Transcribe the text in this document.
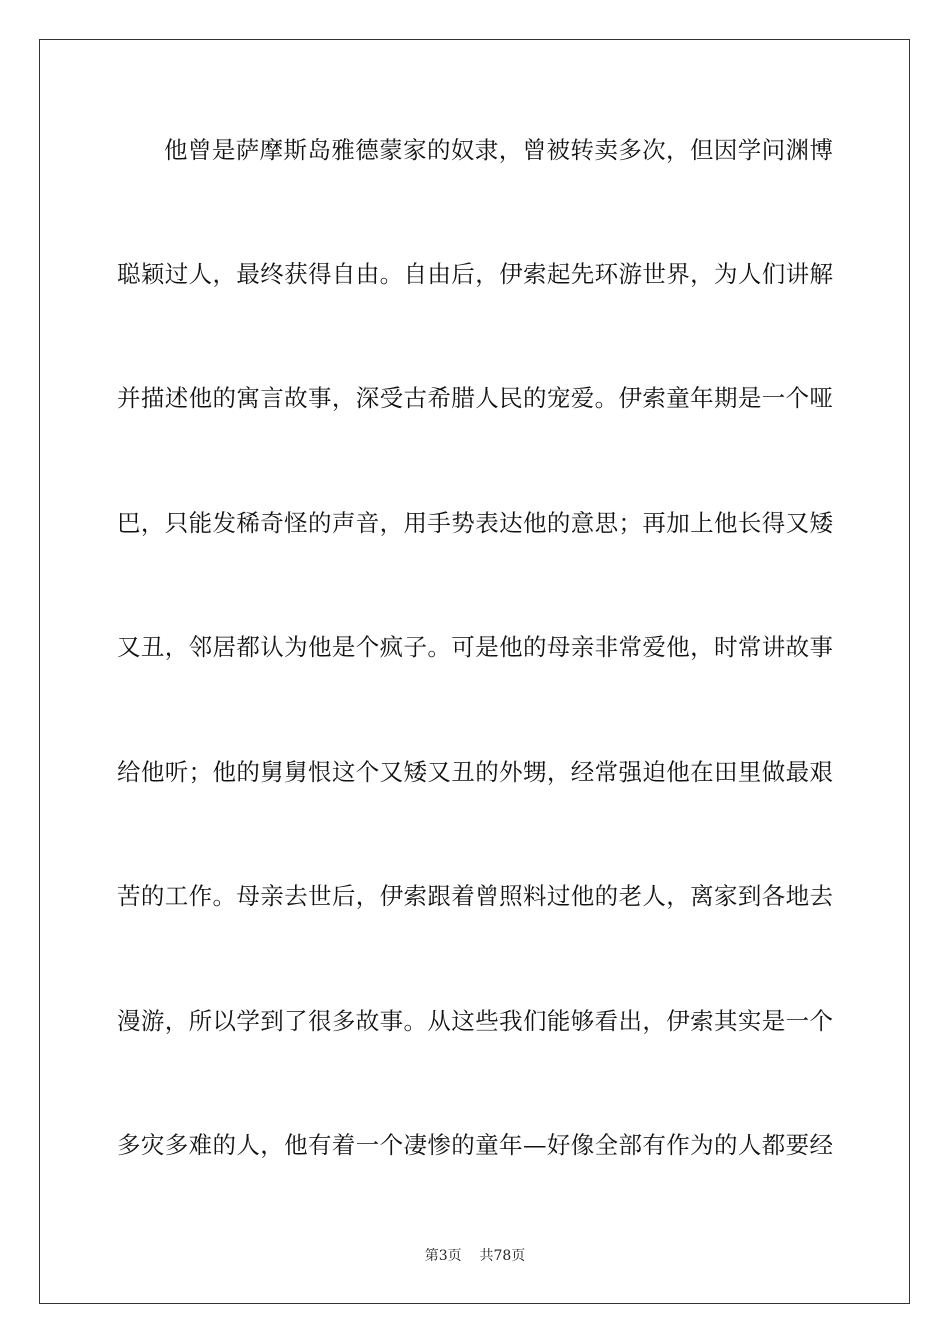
他曾是萨摩斯岛雅德蒙家的奴隶，曾被转卖多次，但因学问渊博
聪颖过人，最终获得自由。自由后，伊索起先环游世界，为人们讲解
并描述他的寓言故事，深受古希腊人民的宠爱。伊索童年期是一个哑
巴，只能发稀奇怪的声音，用手势表达他的意思；再加上他长得又矮
又丑，邻居都认为他是个疯子。可是他的母亲非常爱他，时常讲故事
给他听；他的舅舅恨这个又矮又丑的外甥，经常强迫他在田里做最艰
苦的工作。母亲去世后，伊索跟着曾照料过他的老人，离家到各地去
漫游，所以学到了很多故事。从这些我们能够看出，伊索其实是一个
多灾多难的人，他有着一个凄惨的童年—好像全部有作为的人都要经
第3页 共78页
